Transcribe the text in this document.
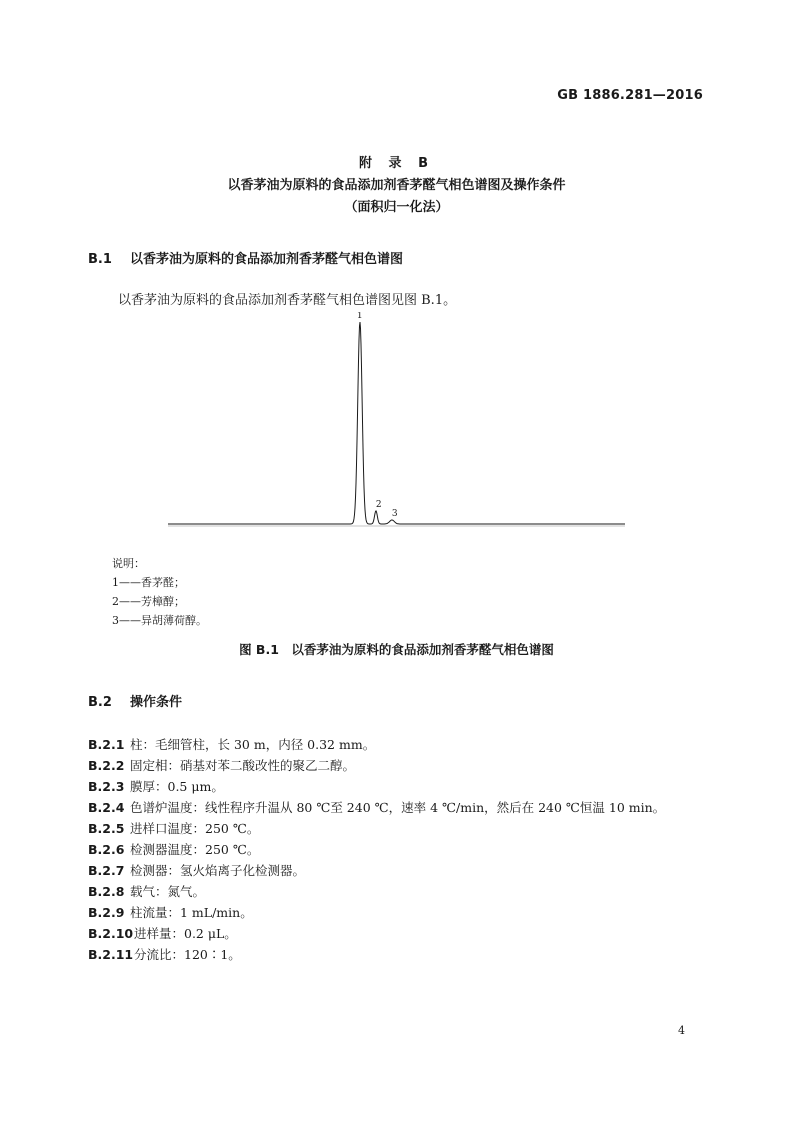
GB 1886.281—2016
附 录 B
以香茅油为原料的食品添加剂香茅醛气相色谱图及操作条件
（面积归一化法）
B.1 以香茅油为原料的食品添加剂香茅醛气相色谱图
以香茅油为原料的食品添加剂香茅醛气相色谱图见图 B.1。
1
2
3
说明：
1——香茅醛；
2——芳樟醇；
3——异胡薄荷醇。
图 B.1　以香茅油为原料的食品添加剂香茅醛气相色谱图
B.2 操作条件
B.2.1 柱：毛细管柱，长 30 m，内径 0.32 mm。
B.2.2 固定相：硝基对苯二酸改性的聚乙二醇。
B.2.3 膜厚：0.5 μm。
B.2.4 色谱炉温度：线性程序升温从 80 ℃至 240 ℃，速率 4 ℃/min，然后在 240 ℃恒温 10 min。
B.2.5 进样口温度：250 ℃。
B.2.6 检测器温度：250 ℃。
B.2.7 检测器：氢火焰离子化检测器。
B.2.8 载气：氮气。
B.2.9 柱流量：1 mL/min。
B.2.10进样量：0.2 μL。
B.2.11分流比：120∶1。
4
